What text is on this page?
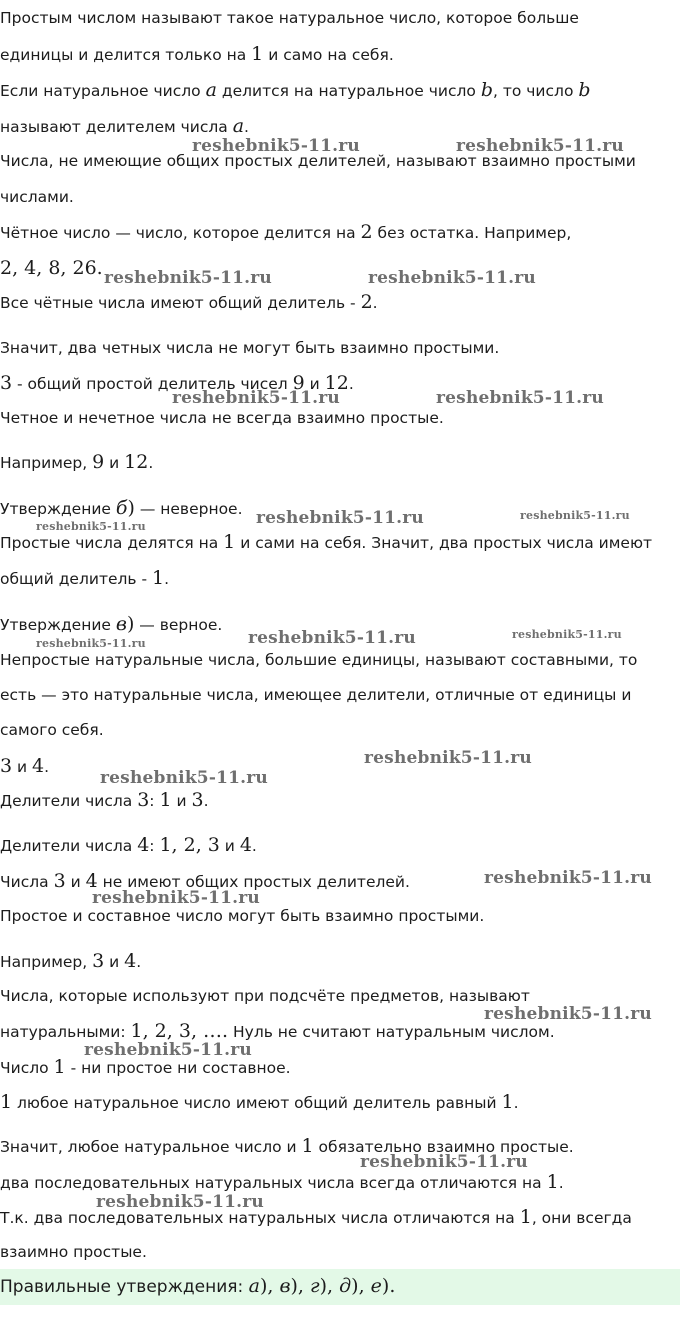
Простым числом называют такое натуральное число, которое больше
единицы и делится только на 1 и само на себя.
Если натуральное число a делится на натуральное число b, то число b
называют делителем числа a.
Числа, не имеющие общих простых делителей, называют взаимно простыми
числами.
Чётное число — число, которое делится на 2 без остатка. Например,
2, 4, 8, 26.
Все чётные числа имеют общий делитель - 2.
Значит, два четных числа не могут быть взаимно простыми.
3 - общий простой делитель чисел 9 и 12.
Четное и нечетное числа не всегда взаимно простые.
Например, 9 и 12.
Утверждение б) — неверное.
Простые числа делятся на 1 и сами на себя. Значит, два простых числа имеют
общий делитель - 1.
Утверждение в) — верное.
Непростые натуральные числа, большие единицы, называют составными, то
есть — это натуральные числа, имеющее делители, отличные от единицы и
самого себя.
3 и 4.
Делители числа 3: 1 и 3.
Делители числа 4: 1, 2, 3 и 4.
Числа 3 и 4 не имеют общих простых делителей.
Простое и составное число могут быть взаимно простыми.
Например, 3 и 4.
Числа, которые используют при подсчёте предметов, называют
натуральными: 1, 2, 3, …. Нуль не считают натуральным числом.
Число 1 - ни простое ни составное.
1 любое натуральное число имеют общий делитель равный 1.
Значит, любое натуральное число и 1 обязательно взаимно простые.
два последовательных натуральных числа всегда отличаются на 1.
Т.к. два последовательных натуральных числа отличаются на 1, они всегда
взаимно простые.
Правильные утверждения: а), в), г), д), е).
reshebnik5-11.ru	reshebnik5-11.ru
reshebnik5-11.ru	reshebnik5-11.ru
reshebnik5-11.ru	reshebnik5-11.ru
reshebnik5-11.ru
reshebnik5-11.ru
reshebnik5-11.ru
reshebnik5-11.ru
reshebnik5-11.ru
reshebnik5-11.ru
reshebnik5-11.ru
reshebnik5-11.ru
reshebnik5-11.ru
reshebnik5-11.ru
reshebnik5-11.ru
reshebnik5-11.ru
reshebnik5-11.ru
reshebnik5-11.ru
